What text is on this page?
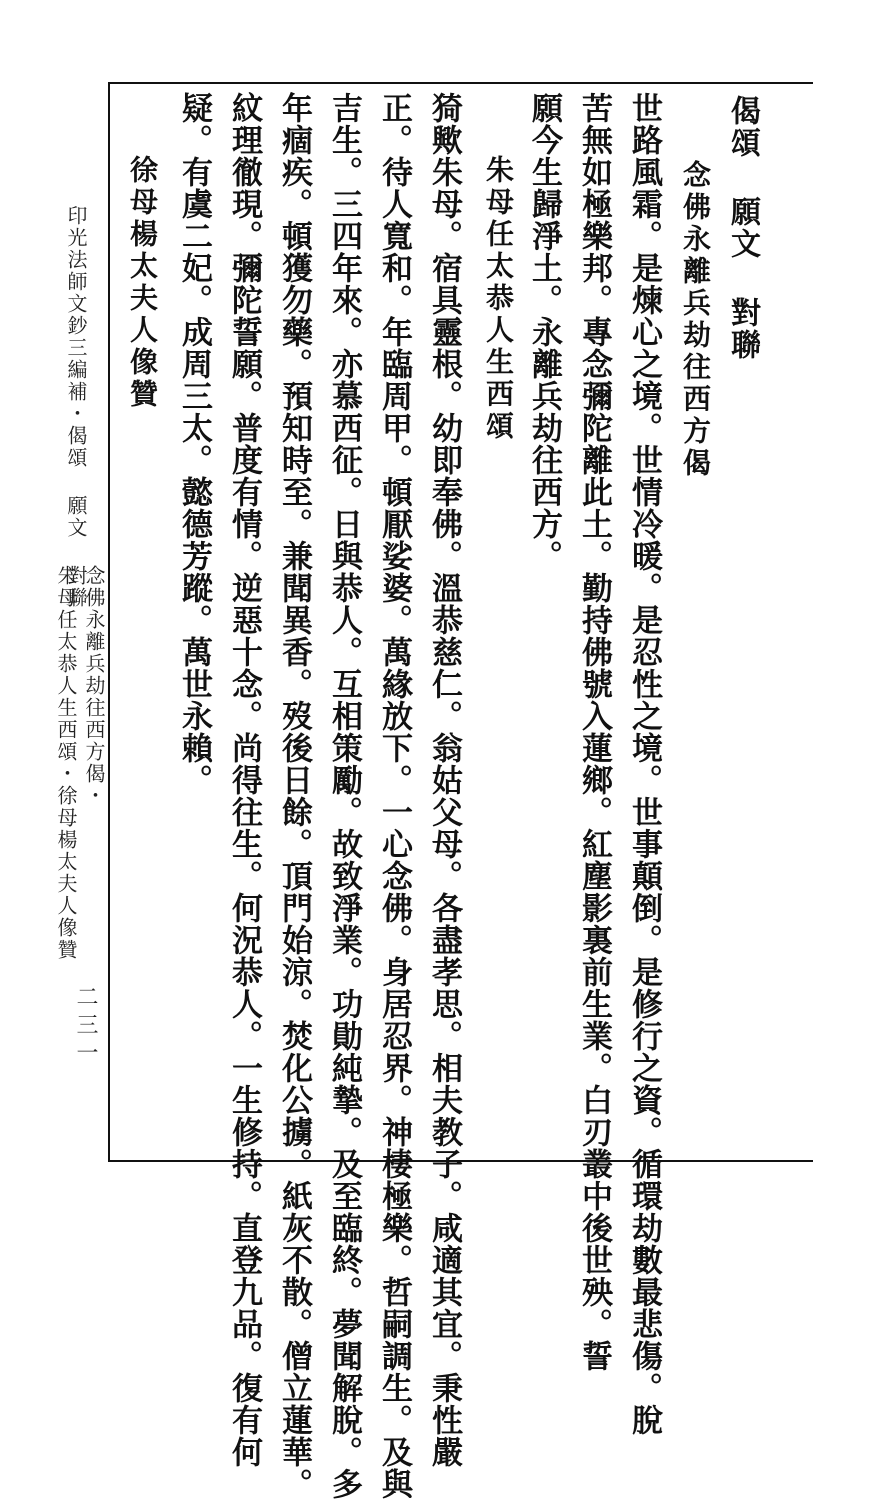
偈頌 願文 對聯
念佛永離兵劫往西方偈

世路風霜。是煉心之境。世情冷暖。是忍性之境。世事顛倒。是修行之資。循環劫數最悲傷。脫

苦無如極樂邦。專念彌陀離此土。勤持佛號入蓮鄉。紅塵影裏前生業。白刃叢中後世殃。誓

願今生歸淨土。永離兵劫往西方。

朱母任太恭人生西頌

猗歟朱母。宿具靈根。幼即奉佛。溫恭慈仁。翁姑父母。各盡孝思。相夫教子。咸適其宜。秉性嚴

正。待人寬和。年臨周甲。頓厭娑婆。萬緣放下。一心念佛。身居忍界。神棲極樂。哲嗣調生。及與

吉生。三四年來。亦慕西征。日與恭人。互相策勵。故致淨業。功勛純摯。及至臨終。夢聞解脫。多

年痼疾。頓獲勿藥。預知時至。兼聞異香。歿後日餘。頂門始涼。焚化公擄。紙灰不散。僧立蓮華。

紋理徹現。彌陀誓願。普度有情。逆惡十念。尚得往生。何況恭人。一生修持。直登九品。復有何

疑。有虞二妃。成周三太。懿德芳蹤。萬世永賴。

徐母楊太夫人像贊
印光法師文鈔三編補・偈頌 願文 對聯
念佛永離兵劫往西方偈・
朱母任太恭人生西頌・徐母楊太夫人像贊
二三一
